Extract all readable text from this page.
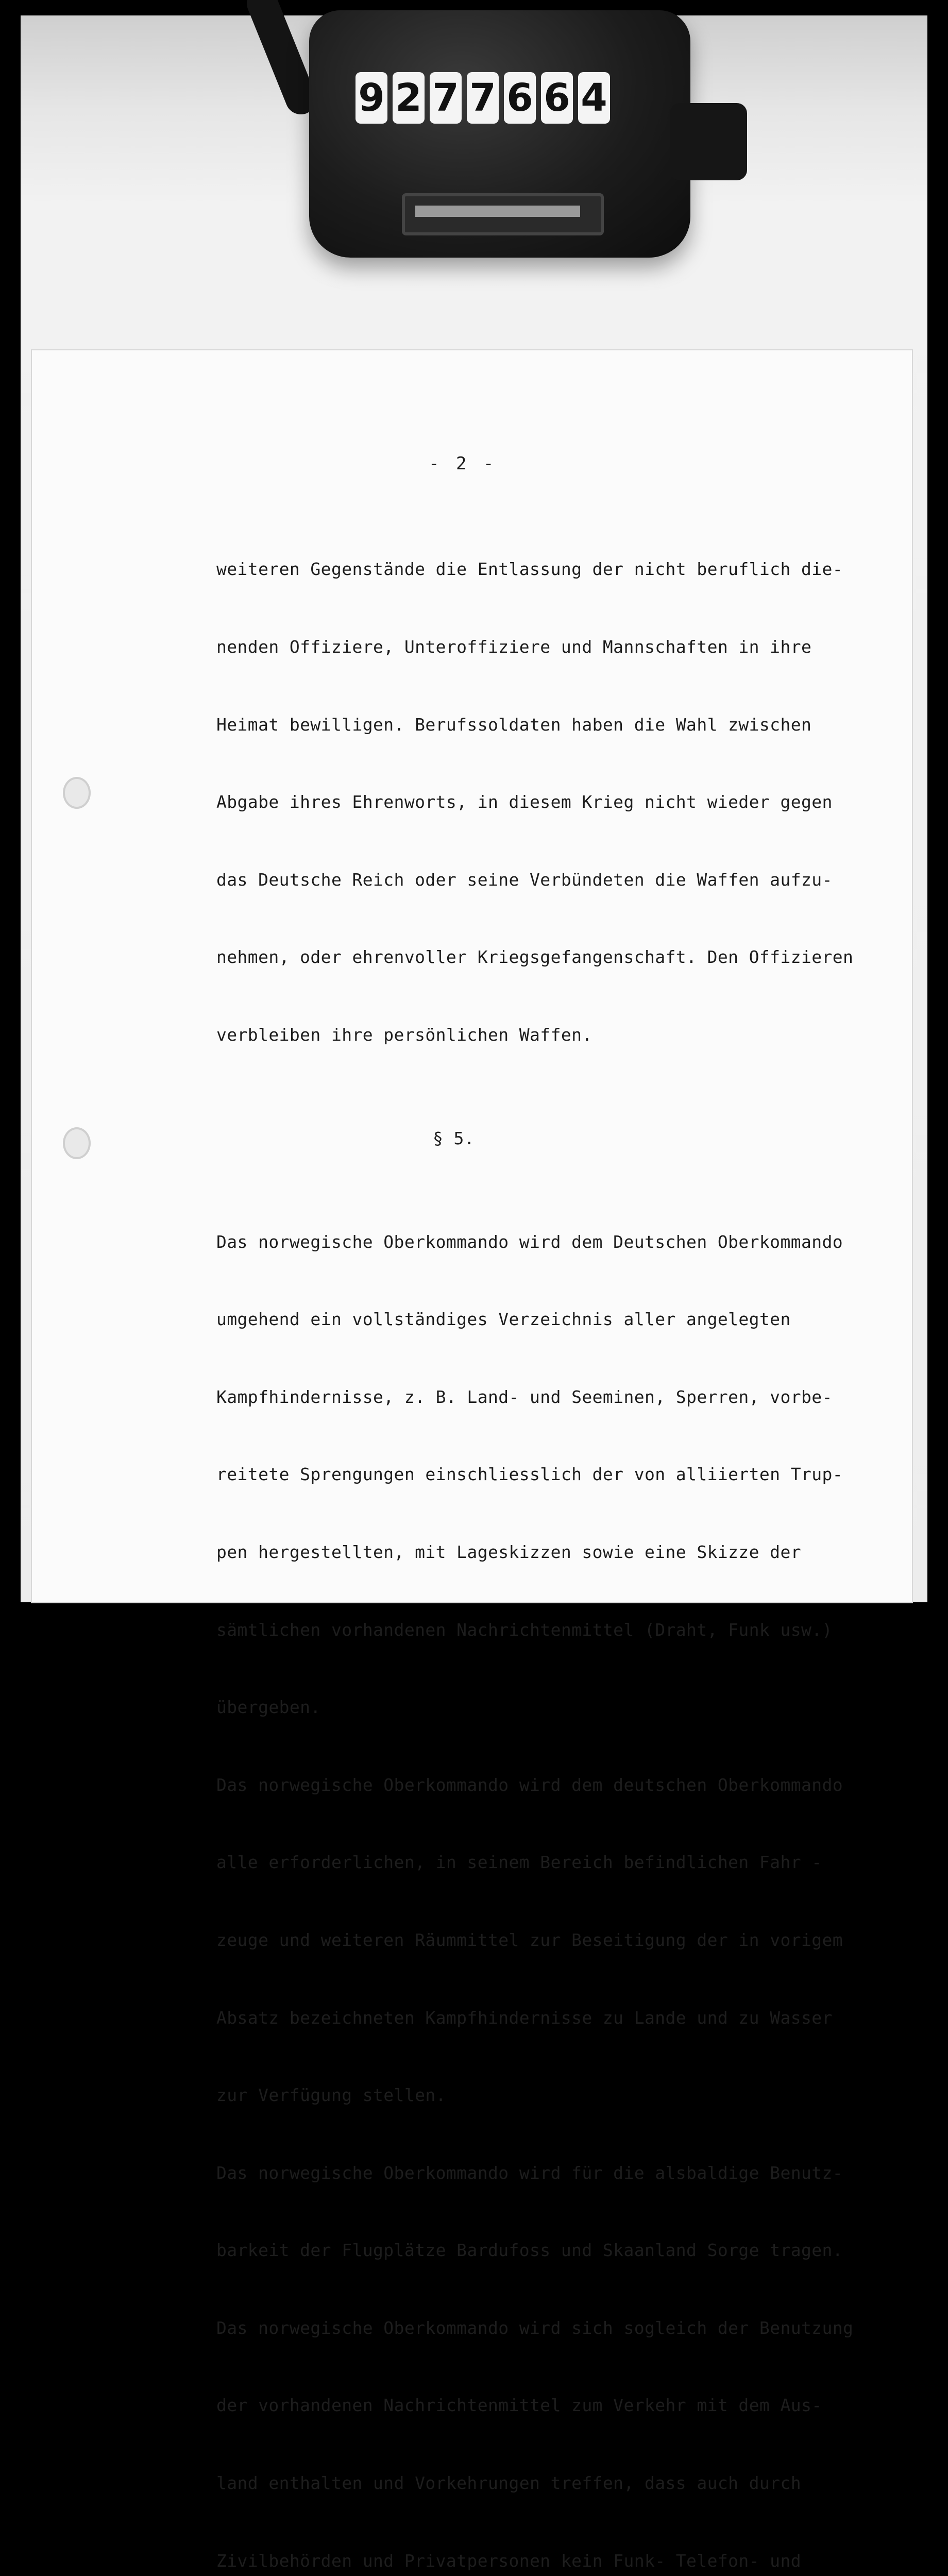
9 2 7 7 6 6 4
- 2 -

weiteren Gegenstände die Entlassung der nicht beruflich die-

nenden Offiziere, Unteroffiziere und Mannschaften in ihre

Heimat bewilligen. Berufssoldaten haben die Wahl zwischen

Abgabe ihres Ehrenworts, in diesem Krieg nicht wieder gegen

das Deutsche Reich oder seine Verbündeten die Waffen aufzu-

nehmen, oder ehrenvoller Kriegsgefangenschaft. Den Offizieren

verbleiben ihre persönlichen Waffen.

§ 5.

Das norwegische Oberkommando wird dem Deutschen Oberkommando

umgehend ein vollständiges Verzeichnis aller angelegten

Kampfhindernisse, z. B. Land- und Seeminen, Sperren, vorbe-

reitete Sprengungen einschliesslich der von alliierten Trup-

pen hergestellten, mit Lageskizzen sowie eine Skizze der

sämtlichen vorhandenen Nachrichtenmittel (Draht, Funk usw.)

übergeben.

Das norwegische Oberkommando wird dem deutschen Oberkommando

alle erforderlichen, in seinem Bereich befindlichen Fahr -

zeuge und weiteren Räummittel zur Beseitigung der in vorigem

Absatz bezeichneten Kampfhindernisse zu Lande und zu Wasser

zur Verfügung stellen.

Das norwegische Oberkommando wird für die alsbaldige Benutz-

barkeit der Flugplätze Bardufoss und Skaanland Sorge tragen.

Das norwegische Oberkommando wird sich sogleich der Benutzung

der vorhandenen Nachrichtenmittel zum Verkehr mit dem Aus-

land enthalten und Vorkehrungen treffen, dass auch durch

Zivilbehörden und Privatpersonen kein Funk- Telefon- und
